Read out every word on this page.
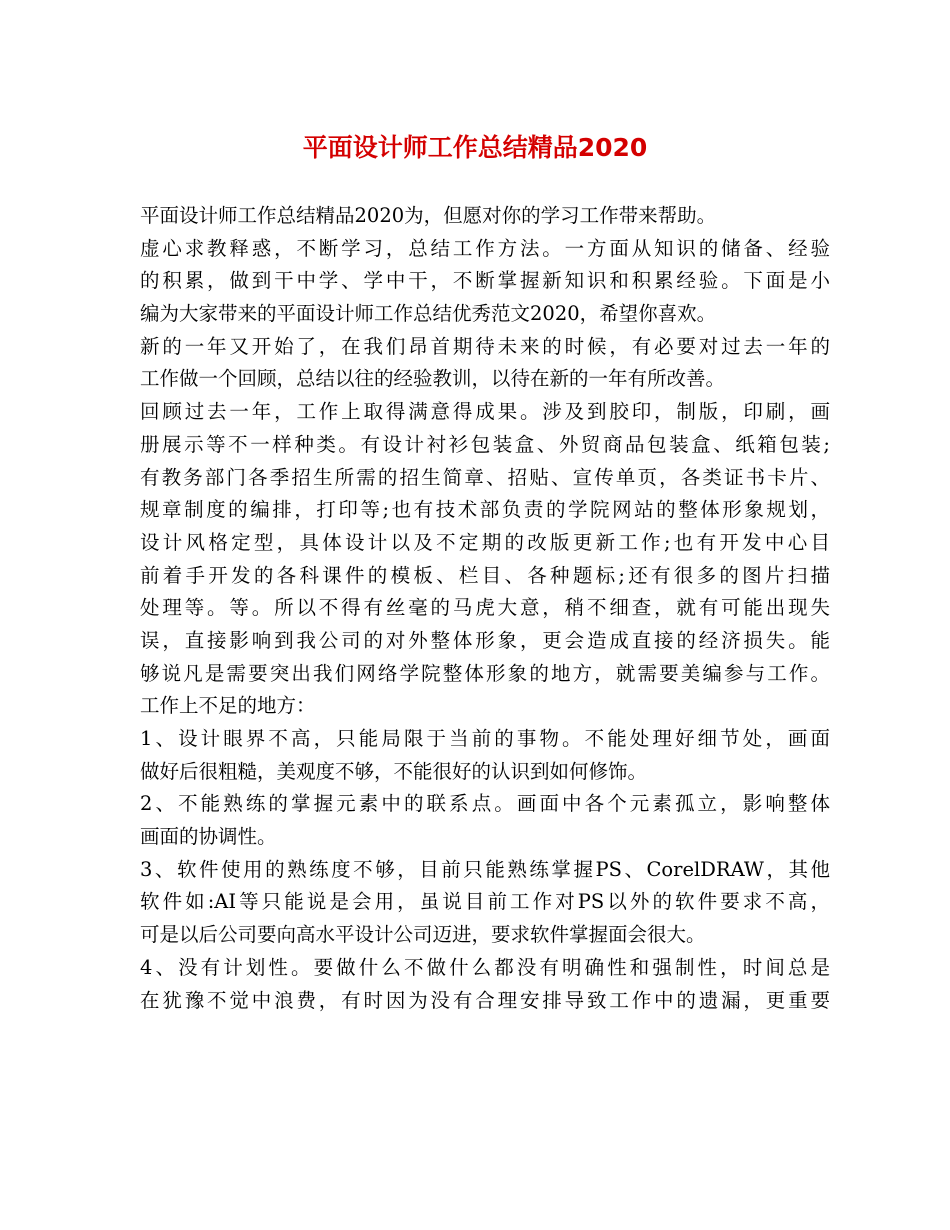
平面设计师工作总结精品2020
平面设计师工作总结精品2020为，但愿对你的学习工作带来帮助。
虚心求教释惑，不断学习，总结工作方法。一方面从知识的储备、经验
的积累，做到干中学、学中干，不断掌握新知识和积累经验。下面是小
编为大家带来的平面设计师工作总结优秀范文2020，希望你喜欢。
新的一年又开始了，在我们昂首期待未来的时候，有必要对过去一年的
工作做一个回顾，总结以往的经验教训，以待在新的一年有所改善。
回顾过去一年，工作上取得满意得成果。涉及到胶印，制版，印刷，画
册展示等不一样种类。有设计衬衫包装盒、外贸商品包装盒、纸箱包装;
有教务部门各季招生所需的招生简章、招贴、宣传单页，各类证书卡片、
规章制度的编排，打印等;也有技术部负责的学院网站的整体形象规划，
设计风格定型，具体设计以及不定期的改版更新工作;也有开发中心目
前着手开发的各科课件的模板、栏目、各种题标;还有很多的图片扫描
处理等。等。所以不得有丝毫的马虎大意，稍不细查，就有可能出现失
误，直接影响到我公司的对外整体形象，更会造成直接的经济损失。能
够说凡是需要突出我们网络学院整体形象的地方，就需要美编参与工作。
工作上不足的地方：
1、设计眼界不高，只能局限于当前的事物。不能处理好细节处，画面
做好后很粗糙，美观度不够，不能很好的认识到如何修饰。
2、不能熟练的掌握元素中的联系点。画面中各个元素孤立，影响整体
画面的协调性。
3、软件使用的熟练度不够，目前只能熟练掌握PS、CorelDRAW，其他
软件如:AI等只能说是会用，虽说目前工作对PS以外的软件要求不高，
可是以后公司要向高水平设计公司迈进，要求软件掌握面会很大。
4、没有计划性。要做什么不做什么都没有明确性和强制性，时间总是
在犹豫不觉中浪费，有时因为没有合理安排导致工作中的遗漏，更重要
